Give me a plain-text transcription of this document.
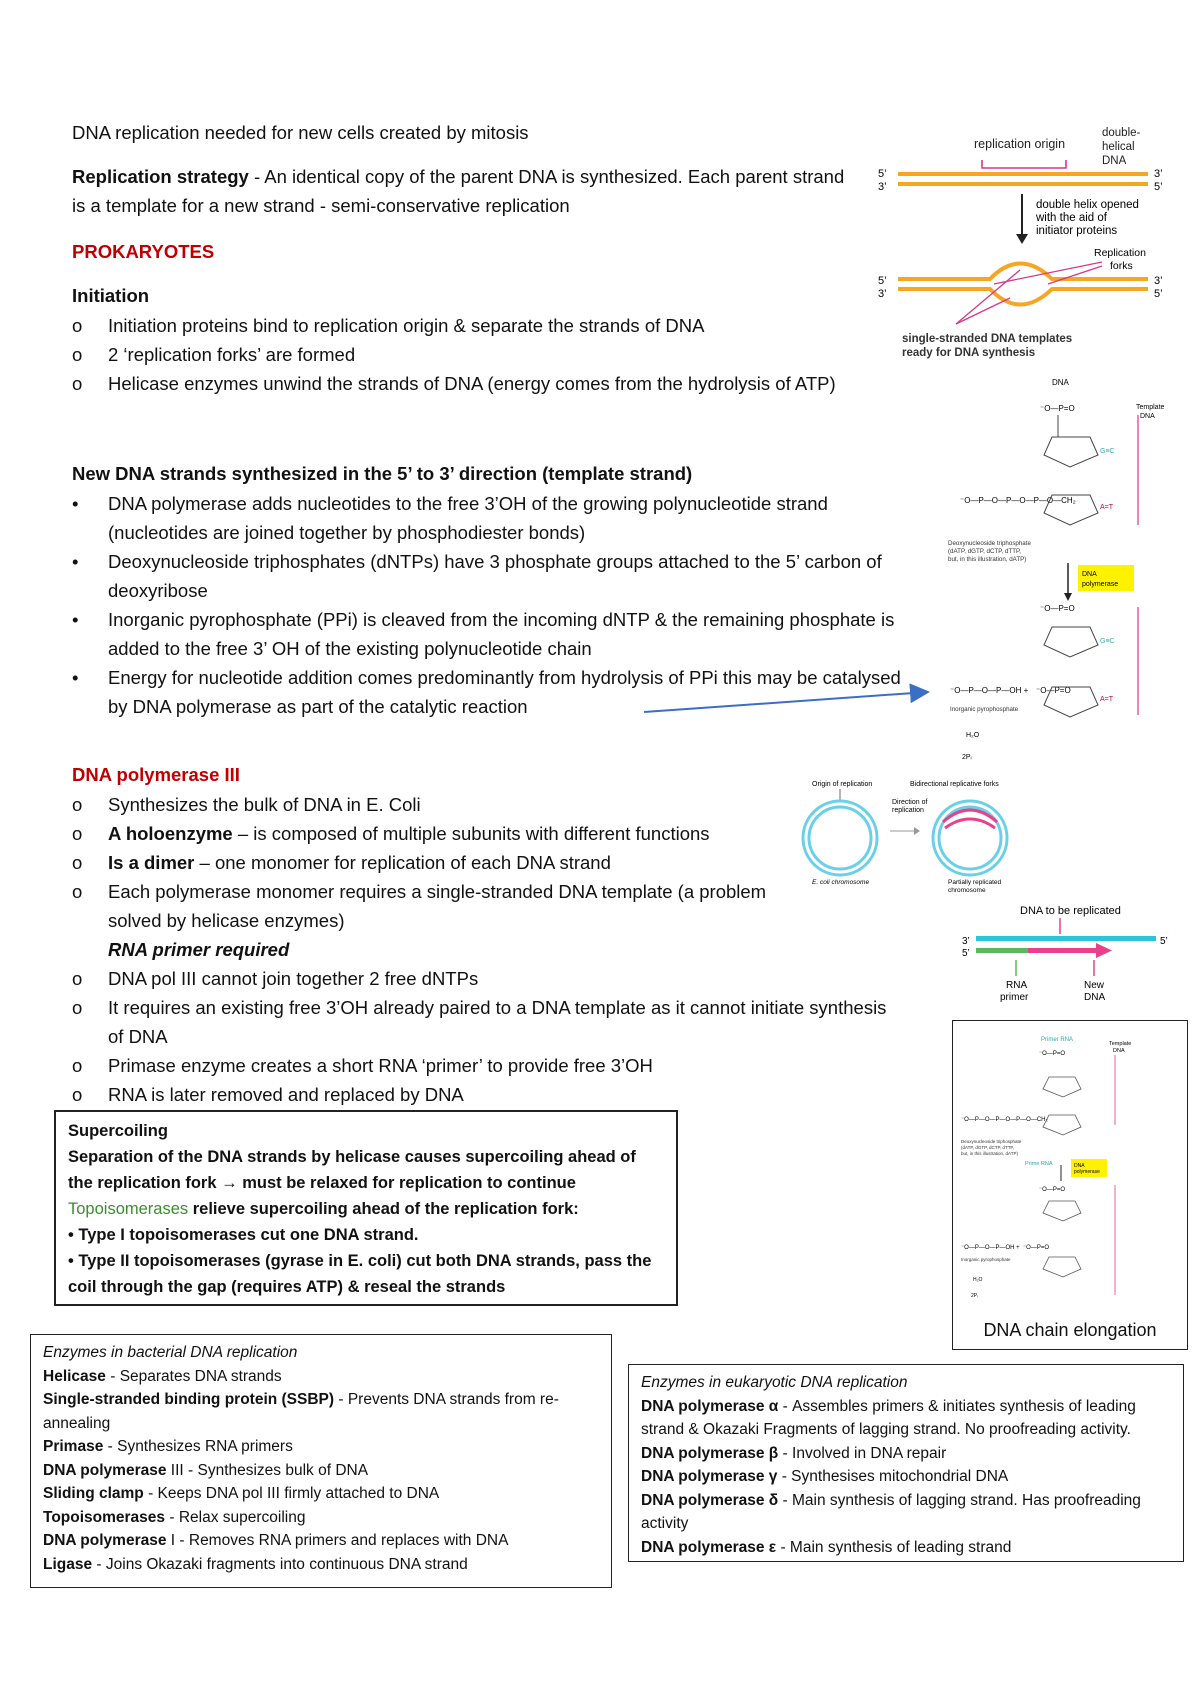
DNA replication needed for new cells created by mitosis
Replication strategy - An identical copy of the parent DNA is synthesized. Each parent strand is a template for a new strand - semi-conservative replication
PROKARYOTES
Initiation
o	Initiation proteins bind to replication origin & separate the strands of DNA
o	2 ‘replication forks’ are formed
o	Helicase enzymes unwind the strands of DNA (energy comes from the hydrolysis of ATP)
New DNA strands synthesized in the 5’ to 3’ direction (template strand)
•	DNA polymerase adds nucleotides to the free 3’OH of the growing polynucleotide strand (nucleotides are joined together by phosphodiester bonds)
•	Deoxynucleoside triphosphates (dNTPs) have 3 phosphate groups attached to the 5’ carbon of deoxyribose
•	Inorganic pyrophosphate (PPi) is cleaved from the incoming dNTP & the remaining phosphate is added to the free 3’ OH of the existing polynucleotide chain
•	Energy for nucleotide addition comes predominantly from hydrolysis of PPi this may be catalysed by DNA polymerase as part of the catalytic reaction
DNA polymerase III
o	Synthesizes the bulk of DNA in E. Coli
o	A holoenzyme – is composed of multiple subunits with different functions
o	Is a dimer – one monomer for replication of each DNA strand
o	Each polymerase monomer requires a single-stranded DNA template (a problem solved by helicase enzymes)
RNA primer required
o	DNA pol III cannot join together 2 free dNTPs
o	It requires an existing free 3’OH already paired to a DNA template as it cannot initiate synthesis of DNA
o	Primase enzyme creates a short RNA ‘primer’ to provide free 3’OH
o	RNA is later removed and replaced by DNA
Supercoiling
Separation of the DNA strands by helicase causes supercoiling ahead of the replication fork → must be relaxed for replication to continue
Topoisomerases relieve supercoiling ahead of the replication fork:
• Type I topoisomerases cut one DNA strand.
• Type II topoisomerases (gyrase in E. coli) cut both DNA strands, pass the coil through the gap (requires ATP) & reseal the strands
Enzymes in bacterial DNA replication
Helicase - Separates DNA strands
Single-stranded binding protein (SSBP) - Prevents DNA strands from re-annealing
Primase - Synthesizes RNA primers
DNA polymerase III - Synthesizes bulk of DNA
Sliding clamp - Keeps DNA pol III firmly attached to DNA
Topoisomerases - Relax supercoiling
DNA polymerase I - Removes RNA primers and replaces with DNA
Ligase - Joins Okazaki fragments into continuous DNA strand
Enzymes in eukaryotic DNA replication
DNA polymerase α - Assembles primers & initiates synthesis of leading strand & Okazaki Fragments of lagging strand. No proofreading activity.
DNA polymerase β - Involved in DNA repair
DNA polymerase γ - Synthesises mitochondrial DNA
DNA polymerase δ - Main synthesis of lagging strand. Has proofreading activity
DNA polymerase ε - Main synthesis of leading strand
replication origin
double-
helical
DNA
5’
3’
3’
5’
double helix opened
with the aid of
initiator proteins
Replication
forks
5’
3’
3’
5’
single-stranded DNA templates
ready for DNA synthesis
DNA
⁻O—P=O
G≡C
Template
DNA
⁻O—P—O—P—O—P—O—CH₂
A=T
Deoxynucleoside triphosphate
(dATP, dGTP, dCTP, dTTP,
but, in this illustration, dATP)
DNA
polymerase
⁻O—P=O
G≡C
⁻O—P—O—P—OH + ⁻O—P=O
A=T
Inorganic pyrophosphate
H₂O
2Pᵢ
Origin of replication	Bidirectional replicative forks
Direction of
replication
E. coli chromosome	Partially replicated
chromosome
DNA to be replicated
3’
5’
5’
RNA
primer
New
DNA
Primer RNA
Template
DNA
⁻O—P=O
⁻O—P—O—P—O—P—O—CH₂
Deoxynucleoside triphosphate
(dATP, dGTP, dCTP, dTTP,
but, in this illustration, dATP)
Prime RNA	DNA
polymerase
⁻O—P=O
⁻O—P—O—P—OH + ⁻O—P=O
Inorganic pyrophosphate
H₂O
2Pᵢ
DNA chain elongation
